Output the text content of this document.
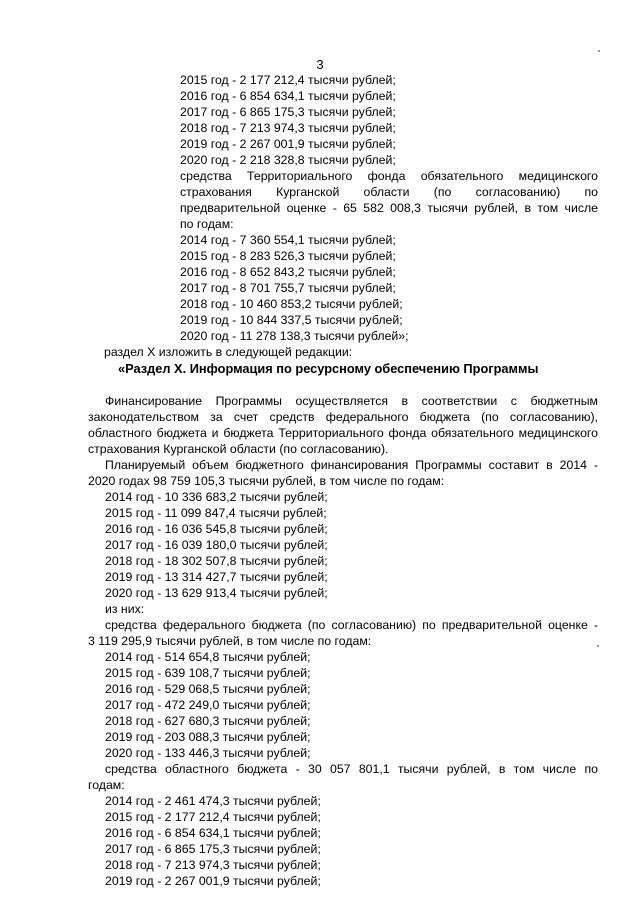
3
2015 год - 2 177 212,4 тысячи рублей;
2016 год - 6 854 634,1 тысячи рублей;
2017 год - 6 865 175,3 тысячи рублей;
2018 год - 7 213 974,3 тысячи рублей;
2019 год - 2 267 001,9 тысячи рублей;
2020 год - 2 218 328,8 тысячи рублей;
средства Территориального фонда обязательного медицинского
страхования Курганской области (по согласованию) по
предварительной оценке - 65 582 008,3 тысячи рублей, в том числе
по годам:
2014 год - 7 360 554,1 тысячи рублей;
2015 год - 8 283 526,3 тысячи рублей;
2016 год - 8 652 843,2 тысячи рублей;
2017 год - 8 701 755,7 тысячи рублей;
2018 год - 10 460 853,2 тысячи рублей;
2019 год - 10 844 337,5 тысячи рублей;
2020 год - 11 278 138,3 тысячи рублей»;
раздел X изложить в следующей редакции:
«Раздел X. Информация по ресурсному обеспечению Программы
Финансирование Программы осуществляется в соответствии с бюджетным
законодательством за счет средств федерального бюджета (по согласованию),
областного бюджета и бюджета Территориального фонда обязательного медицинского
страхования Курганской области (по согласованию).
Планируемый объем бюджетного финансирования Программы составит в 2014 -
2020 годах 98 759 105,3 тысячи рублей, в том числе по годам:
2014 год - 10 336 683,2 тысячи рублей;
2015 год - 11 099 847,4 тысячи рублей;
2016 год - 16 036 545,8 тысячи рублей;
2017 год - 16 039 180,0 тысячи рублей;
2018 год - 18 302 507,8 тысячи рублей;
2019 год - 13 314 427,7 тысячи рублей;
2020 год - 13 629 913,4 тысячи рублей;
из них:
средства федерального бюджета (по согласованию) по предварительной оценке -
3 119 295,9 тысячи рублей, в том числе по годам:
2014 год - 514 654,8 тысячи рублей;
2015 год - 639 108,7 тысячи рублей;
2016 год - 529 068,5 тысячи рублей;
2017 год - 472 249,0 тысячи рублей;
2018 год - 627 680,3 тысячи рублей;
2019 год - 203 088,3 тысячи рублей;
2020 год - 133 446,3 тысячи рублей;
средства областного бюджета - 30 057 801,1 тысячи рублей, в том числе по
годам:
2014 год - 2 461 474,3 тысячи рублей;
2015 год - 2 177 212,4 тысячи рублей;
2016 год - 6 854 634,1 тысячи рублей;
2017 год - 6 865 175,3 тысячи рублей;
2018 год - 7 213 974,3 тысячи рублей;
2019 год - 2 267 001,9 тысячи рублей;
